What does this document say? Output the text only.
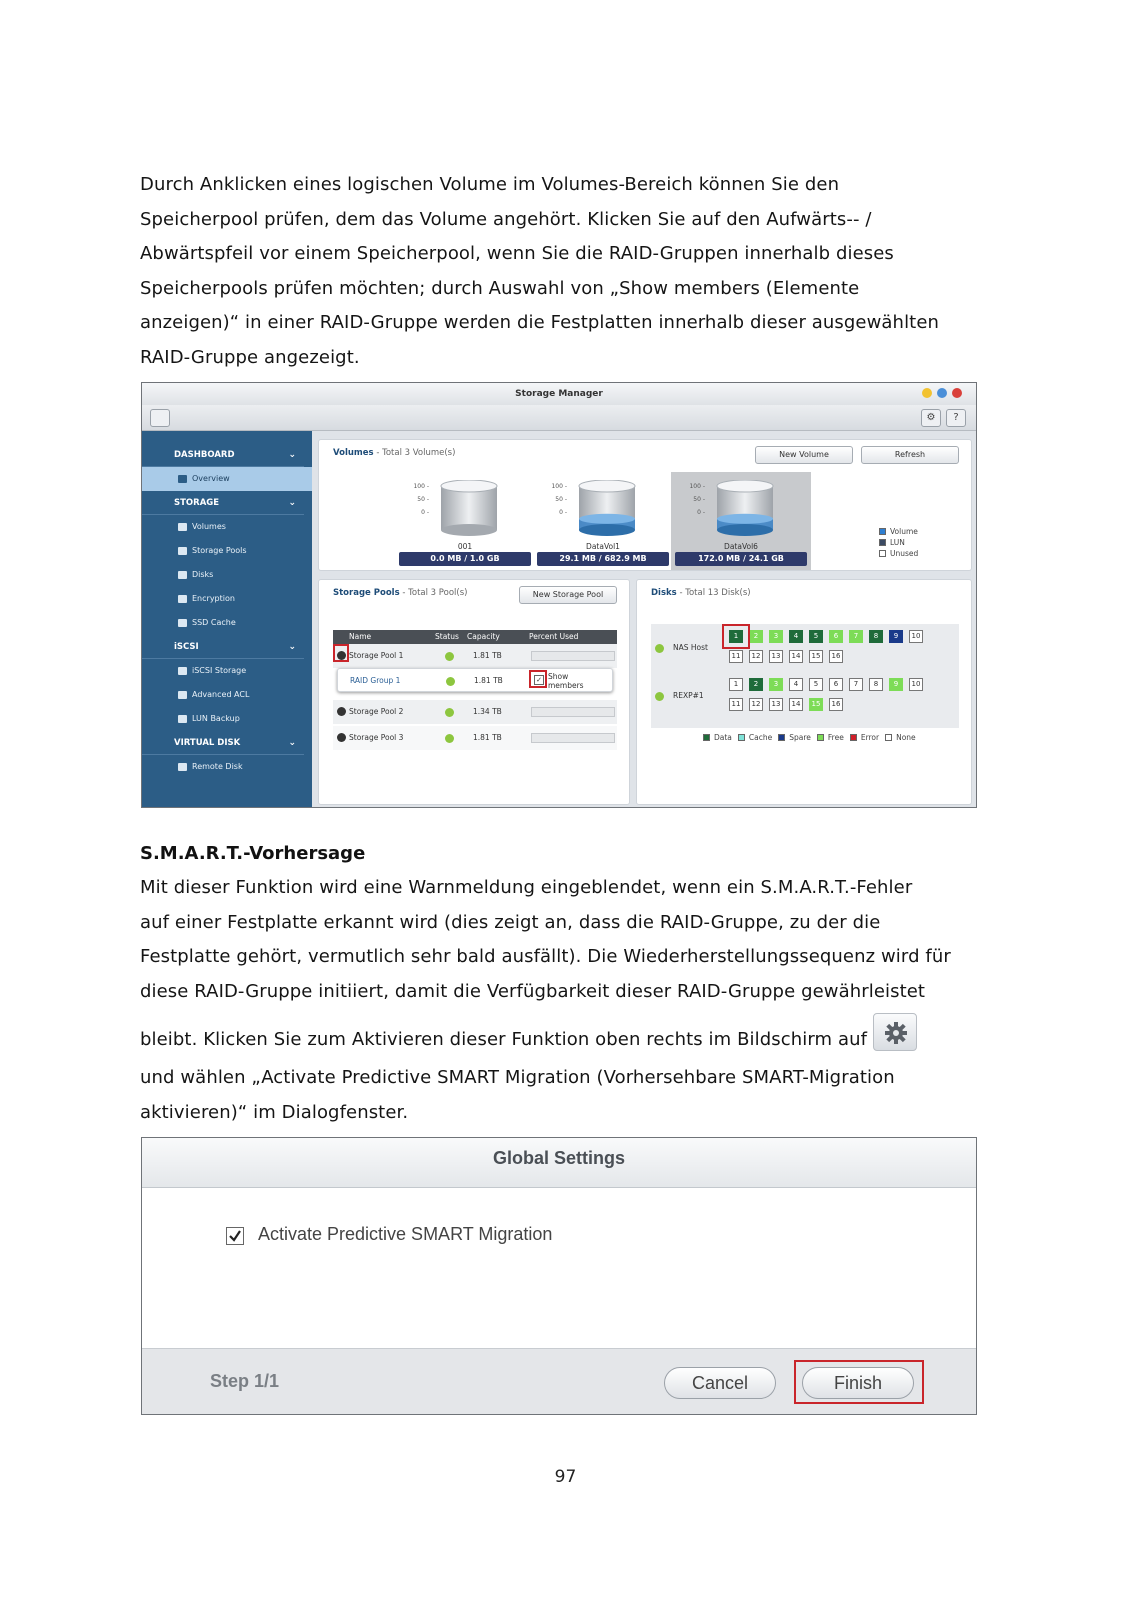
Durch Anklicken eines logischen Volume im Volumes-Bereich können Sie den

Speicherpool prüfen, dem das Volume angehört. Klicken Sie auf den Aufwärts-- /

Abwärtspfeil vor einem Speicherpool, wenn Sie die RAID-Gruppen innerhalb dieses

Speicherpools prüfen möchten; durch Auswahl von „Show members (Elemente

anzeigen)“ in einer RAID-Gruppe werden die Festplatten innerhalb dieser ausgewählten

RAID-Gruppe angezeigt.

Storage Manager
⚙	?
DASHBOARD	⌄
Overview
STORAGE	⌄
Volumes
Storage Pools
Disks
Encryption
SSD Cache
iSCSI	⌄
iSCSI Storage
Advanced ACL
LUN Backup
VIRTUAL DISK	⌄
Remote Disk
Volumes - Total 3 Volume(s)	New Volume	Refresh
100 -
50 -
0 -
001
0.0 MB / 1.0 GB
100 -
50 -
0 -
DataVol1
29.1 MB / 682.9 MB
100 -
50 -
0 -
DataVol6
172.0 MB / 24.1 GB
Volume
LUN
Unused
Storage Pools - Total 3 Pool(s)	New Storage Pool
Name	Status Capacity	Percent Used
Storage Pool 1	1.81 TB
RAID Group 1	1.81 TB	✓ Show members
Storage Pool 2	1.34 TB
Storage Pool 3	1.81 TB
Disks - Total 13 Disk(s)
NAS Host
1	2	3	4	5	6	7	8	9	10
11	12	13	14	15	16
REXP#1
1	2	3	4	5	6	7	8	9	10
11	12	13	14	15	16
Data Cache Spare Free Error None
S.M.A.R.T.-Vorhersage

Mit dieser Funktion wird eine Warnmeldung eingeblendet, wenn ein S.M.A.R.T.-Fehler

auf einer Festplatte erkannt wird (dies zeigt an, dass die RAID-Gruppe, zu der die

Festplatte gehört, vermutlich sehr bald ausfällt). Die Wiederherstellungssequenz wird für

diese RAID-Gruppe initiiert, damit die Verfügbarkeit dieser RAID-Gruppe gewährleistet

bleibt. Klicken Sie zum Aktivieren dieser Funktion oben rechts im Bildschirm auf

und wählen „Activate Predictive SMART Migration (Vorhersehbare SMART-Migration

aktivieren)“ im Dialogfenster.

Global Settings
Activate Predictive SMART Migration
Step 1/1	Cancel	Finish
97
